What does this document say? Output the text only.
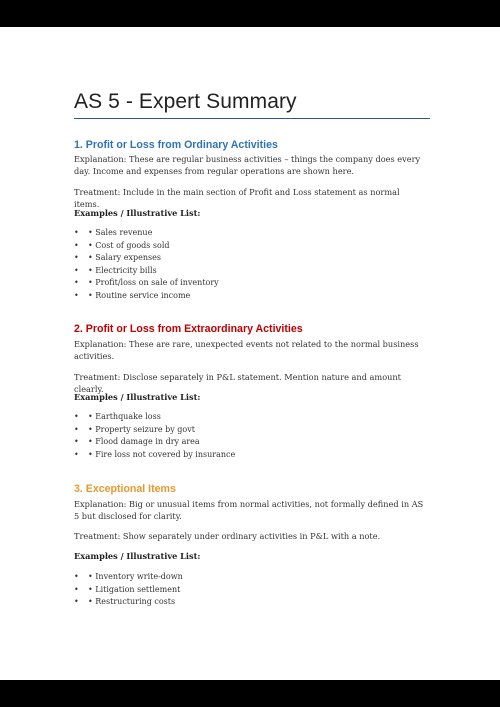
AS 5 - Expert Summary
1. Profit or Loss from Ordinary Activities
Explanation: These are regular business activities – things the company does every day. Income and expenses from regular operations are shown here.
Treatment: Include in the main section of Profit and Loss statement as normal items.
Examples / Illustrative List:
• • Sales revenue
• • Cost of goods sold
• • Salary expenses
• • Electricity bills
• • Profit/loss on sale of inventory
• • Routine service income
2. Profit or Loss from Extraordinary Activities
Explanation: These are rare, unexpected events not related to the normal business activities.
Treatment: Disclose separately in P&L statement. Mention nature and amount clearly.
Examples / Illustrative List:
• • Earthquake loss
• • Property seizure by govt
• • Flood damage in dry area
• • Fire loss not covered by insurance
3. Exceptional Items
Explanation: Big or unusual items from normal activities, not formally defined in AS 5 but disclosed for clarity.
Treatment: Show separately under ordinary activities in P&L with a note.
Examples / Illustrative List:
• • Inventory write-down
• • Litigation settlement
• • Restructuring costs
